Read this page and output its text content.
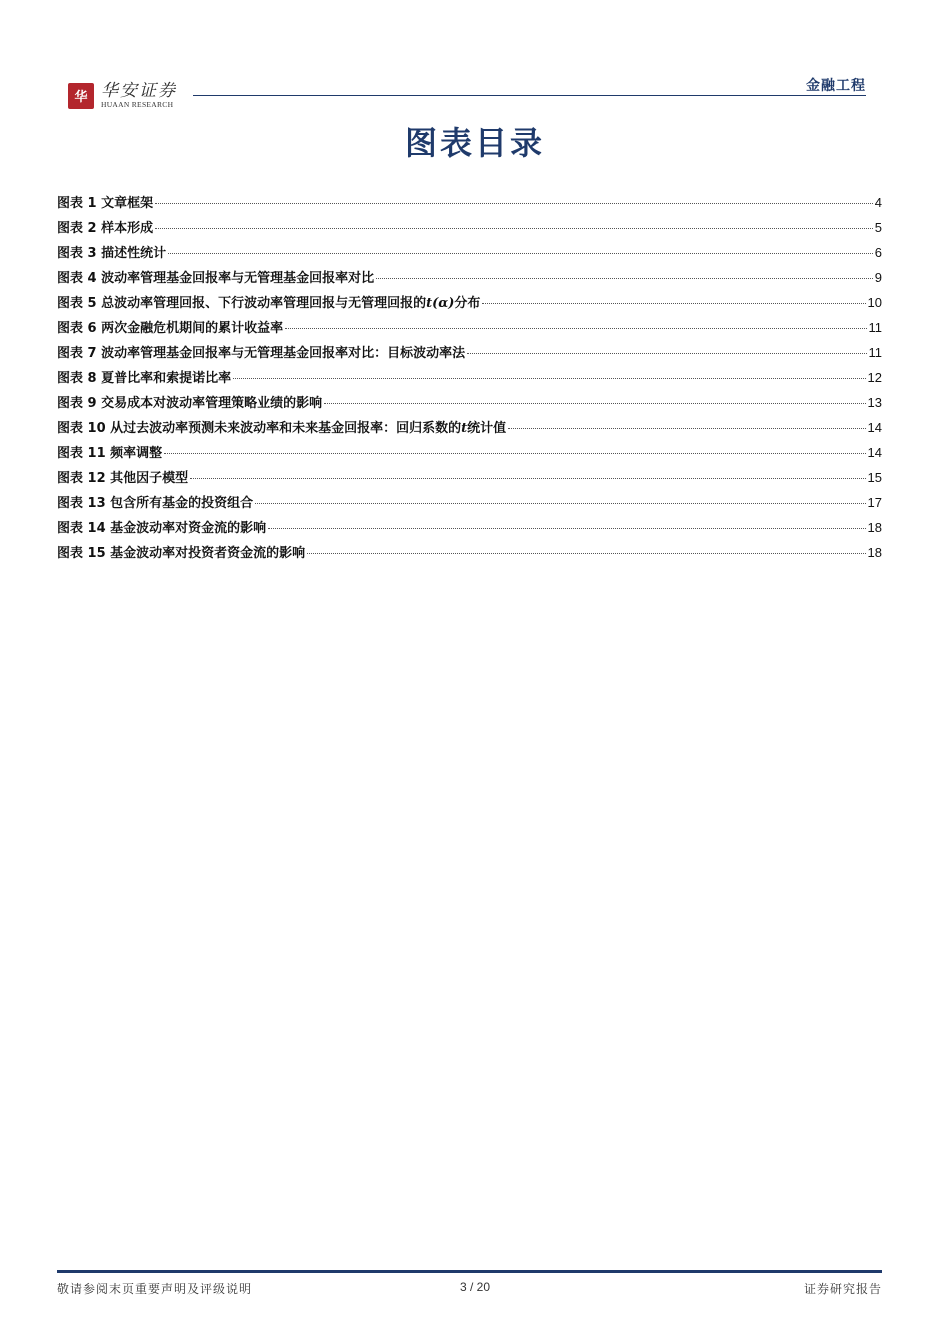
华 华安证券
HUAAN RESEARCH
金融工程
图表目录
图表 1 文章框架	4
图表 2 样本形成	5
图表 3 描述性统计	6
图表 4 波动率管理基金回报率与无管理基金回报率对比	9
图表 5 总波动率管理回报、下行波动率管理回报与无管理回报的t(α)分布	10
图表 6 两次金融危机期间的累计收益率	11
图表 7 波动率管理基金回报率与无管理基金回报率对比：目标波动率法	11
图表 8 夏普比率和索提诺比率	12
图表 9 交易成本对波动率管理策略业绩的影响	13
图表 10 从过去波动率预测未来波动率和未来基金回报率：回归系数的t统计值	14
图表 11 频率调整	14
图表 12 其他因子模型	15
图表 13 包含所有基金的投资组合	17
图表 14 基金波动率对资金流的影响	18
图表 15 基金波动率对投资者资金流的影响	18
敬请参阅末页重要声明及评级说明	3 / 20	证券研究报告
